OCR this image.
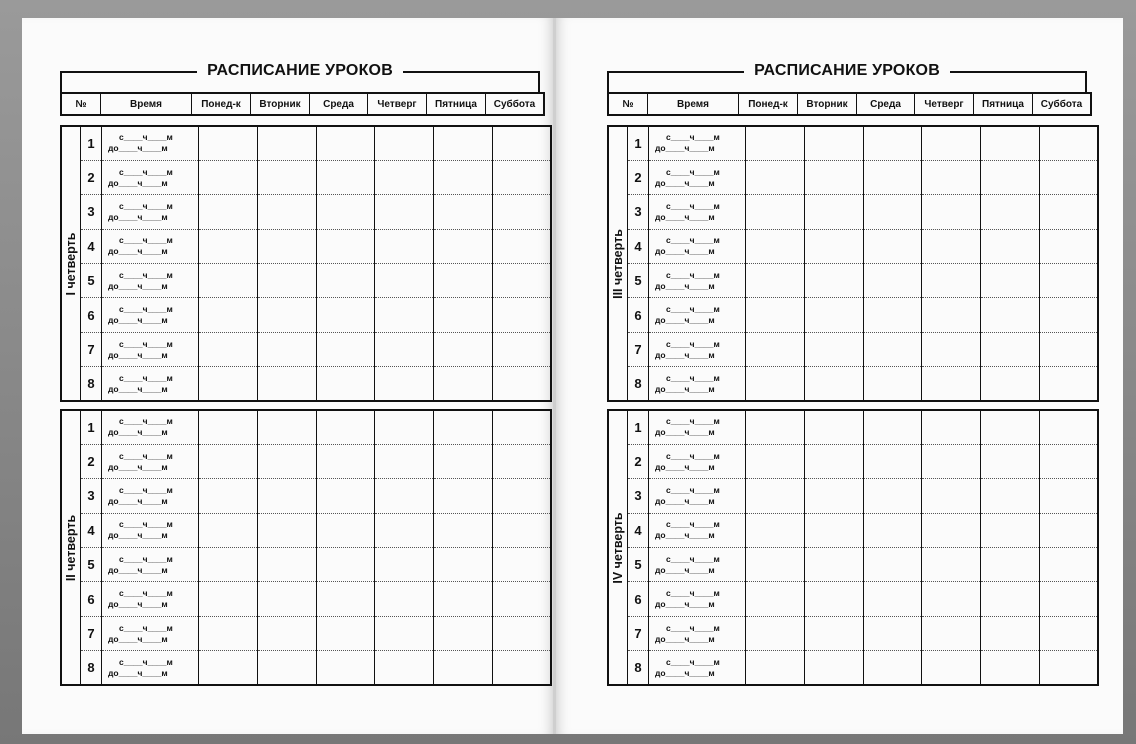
РАСПИСАНИЕ УРОКОВ
№	Время	Понед-к	Вторник	Среда	Четверг	Пятница	Суббота
I четверть	1	с____ч____м
до____ч____м						

	2	с____ч____м
до____ч____м						

	3	с____ч____м
до____ч____м						

	4	с____ч____м
до____ч____м						

	5	с____ч____м
до____ч____м						

	6	с____ч____м
до____ч____м						

	7	с____ч____м
до____ч____м						

	8	с____ч____м
до____ч____м						

II четверть	1	с____ч____м
до____ч____м						

	2	с____ч____м
до____ч____м						

	3	с____ч____м
до____ч____м						

	4	с____ч____м
до____ч____м						

	5	с____ч____м
до____ч____м						

	6	с____ч____м
до____ч____м						

	7	с____ч____м
до____ч____м						

	8	с____ч____м
до____ч____м						

РАСПИСАНИЕ УРОКОВ
№	Время	Понед-к	Вторник	Среда	Четверг	Пятница	Суббота
III четверть	1	с____ч____м
до____ч____м						

	2	с____ч____м
до____ч____м						

	3	с____ч____м
до____ч____м						

	4	с____ч____м
до____ч____м						

	5	с____ч____м
до____ч____м						

	6	с____ч____м
до____ч____м						

	7	с____ч____м
до____ч____м						

	8	с____ч____м
до____ч____м						

IV четверть	1	с____ч____м
до____ч____м						

	2	с____ч____м
до____ч____м						

	3	с____ч____м
до____ч____м						

	4	с____ч____м
до____ч____м						

	5	с____ч____м
до____ч____м						

	6	с____ч____м
до____ч____м						

	7	с____ч____м
до____ч____м						

	8	с____ч____м
до____ч____м						
